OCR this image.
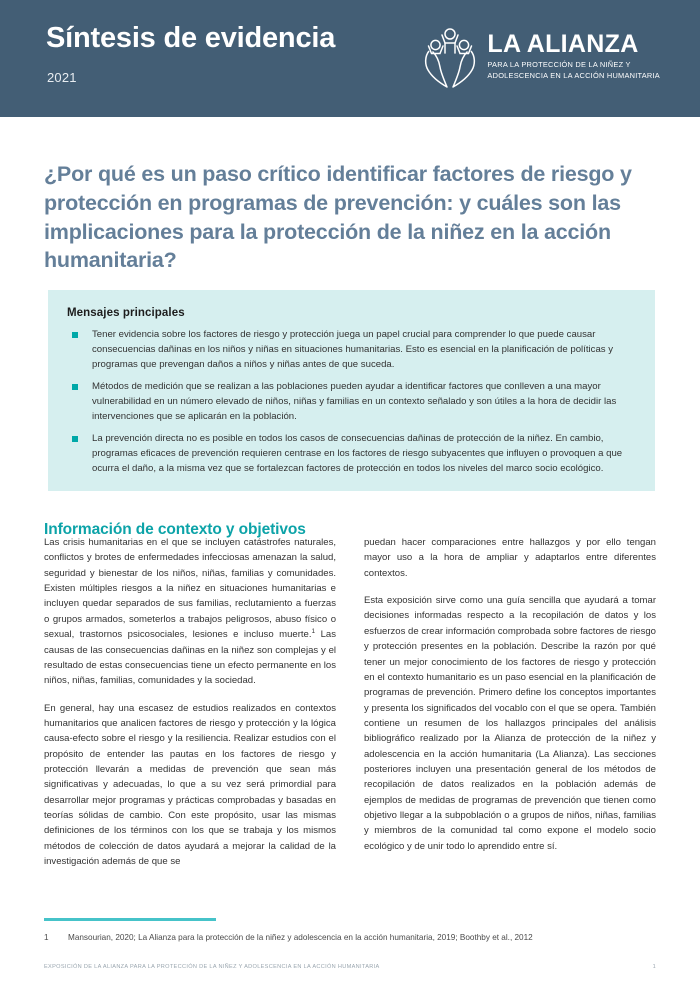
Síntesis de evidencia
2021
LA ALIANZA
PARA LA PROTECCIÓN DE LA NIÑEZ Y
ADOLESCENCIA EN LA ACCIÓN HUMANITARIA
¿Por qué es un paso crítico identificar factores de riesgo y protección en programas de prevención: y cuáles son las implicaciones para la protección de la niñez en la acción humanitaria?
Mensajes principales
Tener evidencia sobre los factores de riesgo y protección juega un papel crucial para comprender lo que puede causar consecuencias dañinas en los niños y niñas en situaciones humanitarias. Esto es esencial en la planificación de políticas y programas que prevengan daños a niños y niñas antes de que suceda.
Métodos de medición que se realizan a las poblaciones pueden ayudar a identificar factores que conlleven a una mayor vulnerabilidad en un número elevado de niños, niñas y familias en un contexto señalado y son útiles a la hora de decidir las intervenciones que se aplicarán en la población.
La prevención directa no es posible en todos los casos de consecuencias dañinas de protección de la niñez. En cambio, programas eficaces de prevención requieren centrase en los factores de riesgo subyacentes que influyen o provoquen a que ocurra el daño, a la misma vez que se fortalezcan factores de protección en todos los niveles del marco socio ecológico.
Información de contexto y objetivos

Las crisis humanitarias en el que se incluyen catástrofes naturales, conflictos y brotes de enfermedades infecciosas amenazan la salud, seguridad y bienestar de los niños, niñas, familias y comunidades. Existen múltiples riesgos a la niñez en situaciones humanitarias e incluyen quedar separados de sus familias, reclutamiento a fuerzas o grupos armados, someterlos a trabajos peligrosos, abuso físico o sexual, trastornos psicosociales, lesiones e incluso muerte.$^1$ Las causas de las consecuencias dañinas en la niñez son complejas y el resultado de estas consecuencias tiene un efecto permanente en los niños, niñas, familias, comunidades y la sociedad.

En general, hay una escasez de estudios realizados en contextos humanitarios que analicen factores de riesgo y protección y la lógica causa-efecto sobre el riesgo y la resiliencia. Realizar estudios con el propósito de entender las pautas en los factores de riesgo y protección llevarán a medidas de prevención que sean más significativas y adecuadas, lo que a su vez será primordial para desarrollar mejor programas y prácticas comprobadas y basadas en teorías sólidas de cambio. Con este propósito, usar las mismas definiciones de los términos con los que se trabaja y los mismos métodos de colección de datos ayudará a mejorar la calidad de la investigación además de que se

puedan hacer comparaciones entre hallazgos y por ello tengan mayor uso a la hora de ampliar y adaptarlos entre diferentes contextos.

Esta exposición sirve como una guía sencilla que ayudará a tomar decisiones informadas respecto a la recopilación de datos y los esfuerzos de crear información comprobada sobre factores de riesgo y protección presentes en la población. Describe la razón por qué tener un mejor conocimiento de los factores de riesgo y protección en el contexto humanitario es un paso esencial en la planificación de programas de prevención. Primero define los conceptos importantes y presenta los significados del vocablo con el que se opera. También contiene un resumen de los hallazgos principales del análisis bibliográfico realizado por la Alianza de protección de la niñez y adolescencia en la acción humanitaria (La Alianza). Las secciones posteriores incluyen una presentación general de los métodos de recopilación de datos realizados en la población además de ejemplos de medidas de programas de prevención que tienen como objetivo llegar a la subpoblación o a grupos de niños, niñas, familias y miembros de la comunidad tal como expone el modelo socio ecológico y de unir todo lo aprendido entre sí.

1	Mansourian, 2020; La Alianza para la protección de la niñez y adolescencia en la acción humanitaria, 2019; Boothby et al., 2012
EXPOSICIÓN DE LA ALIANZA PARA LA PROTECCIÓN DE LA NIÑEZ Y ADOLESCENCIA EN LA ACCIÓN HUMANITARIA	1
